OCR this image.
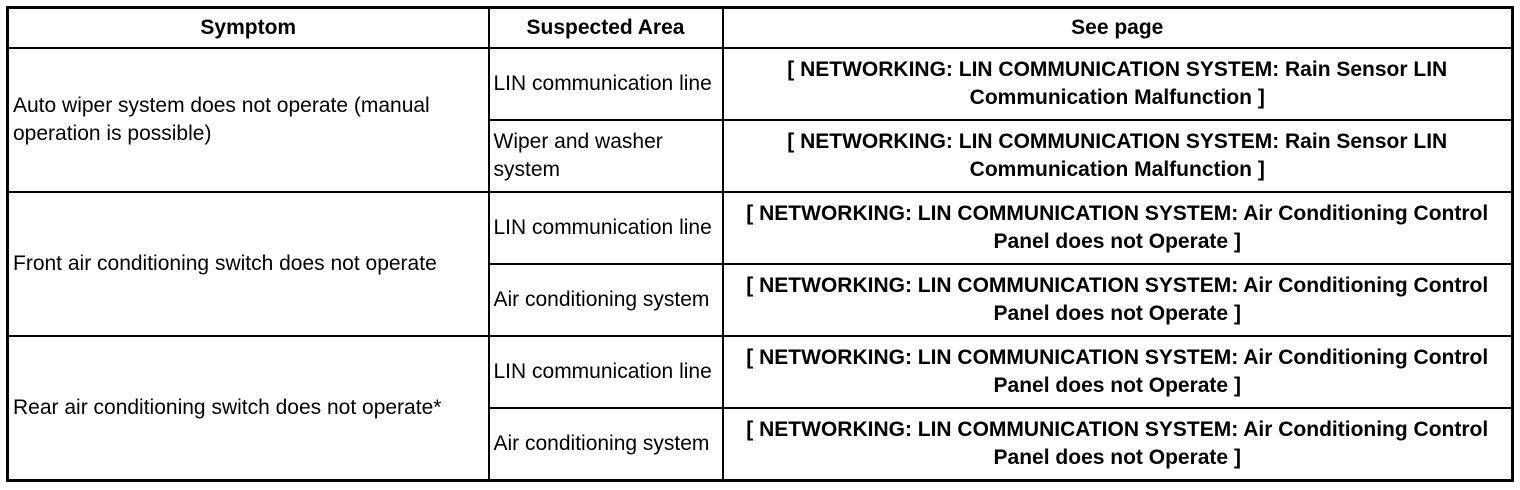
Symptom	Suspected Area	See page
Auto wiper system does not operate (manual operation is possible)	LIN communication line	[ NETWORKING: LIN COMMUNICATION SYSTEM: Rain Sensor LIN Communication Malfunction ]
	Wiper and washer system	[ NETWORKING: LIN COMMUNICATION SYSTEM: Rain Sensor LIN Communication Malfunction ]
Front air conditioning switch does not operate	LIN communication line	[ NETWORKING: LIN COMMUNICATION SYSTEM: Air Conditioning Control Panel does not Operate ]
	Air conditioning system	[ NETWORKING: LIN COMMUNICATION SYSTEM: Air Conditioning Control Panel does not Operate ]
Rear air conditioning switch does not operate*	LIN communication line	[ NETWORKING: LIN COMMUNICATION SYSTEM: Air Conditioning Control Panel does not Operate ]
	Air conditioning system	[ NETWORKING: LIN COMMUNICATION SYSTEM: Air Conditioning Control Panel does not Operate ]
